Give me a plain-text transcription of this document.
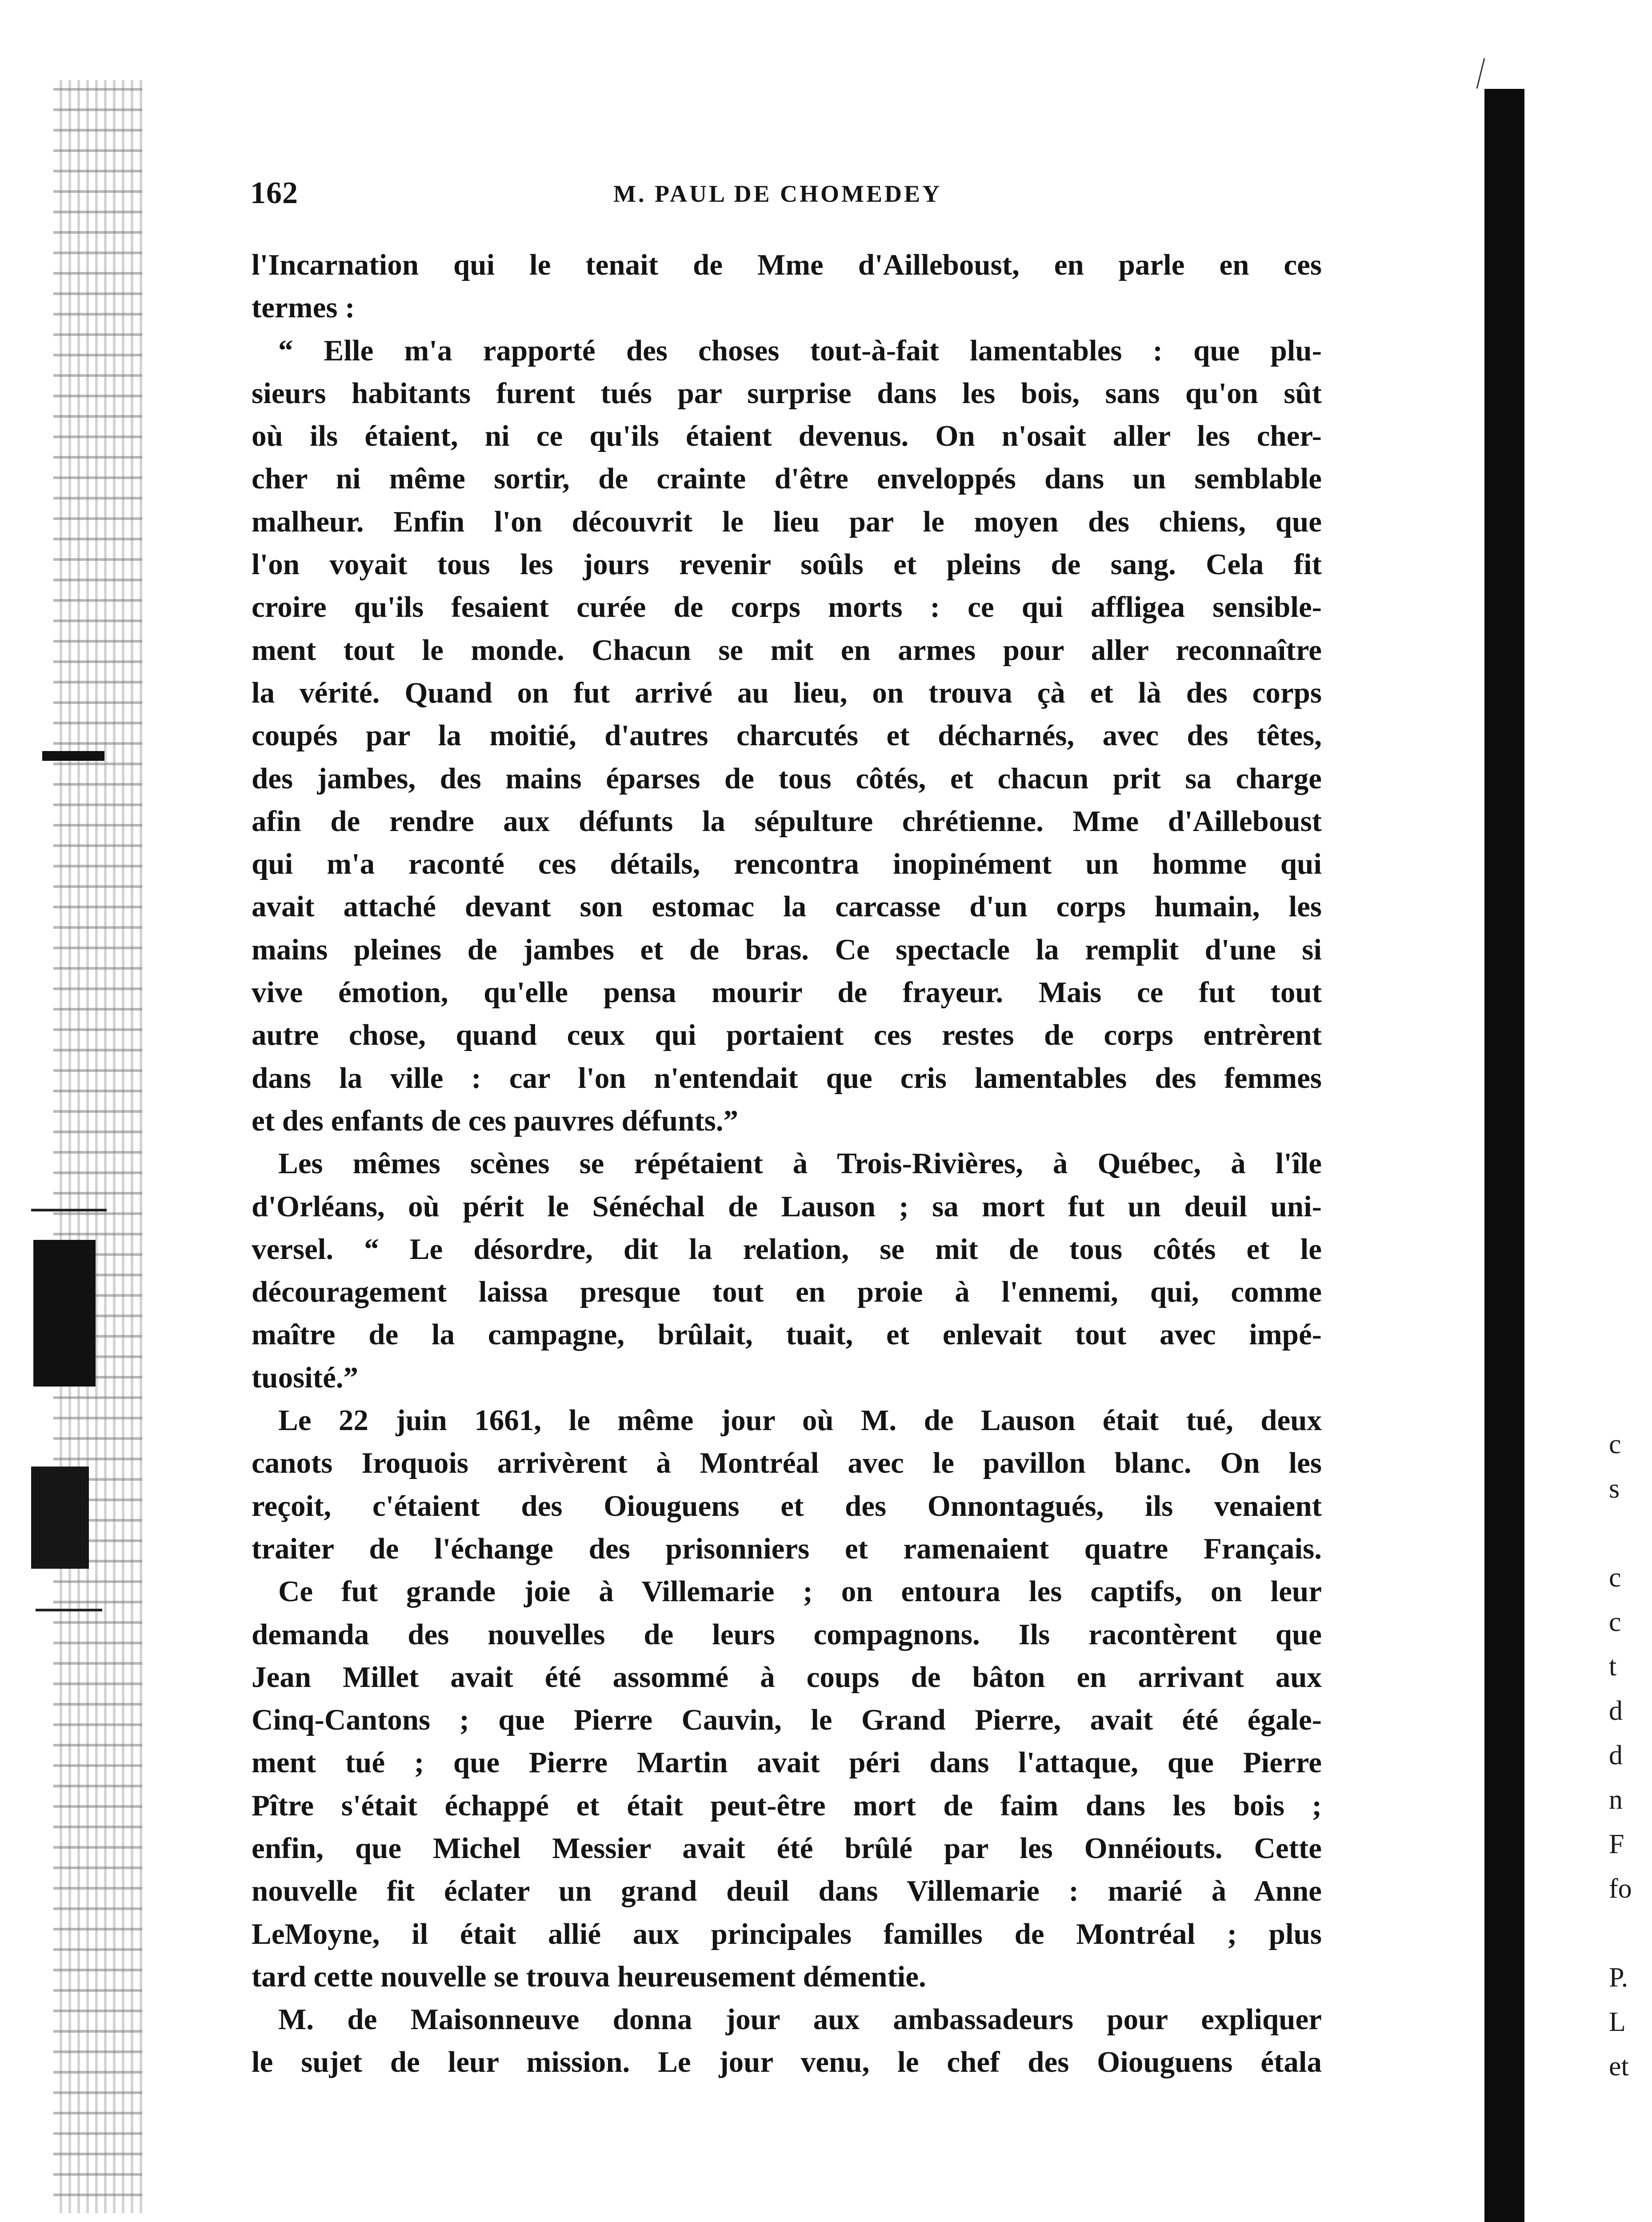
162	M. PAUL DE CHOMEDEY
l'Incarnation qui le tenait de Mme d'Ailleboust, en parle en ces
termes :
“ Elle m'a rapporté des choses tout-à-fait lamentables : que plu-
sieurs habitants furent tués par surprise dans les bois, sans qu'on sût
où ils étaient, ni ce qu'ils étaient devenus. On n'osait aller les cher-
cher ni même sortir, de crainte d'être enveloppés dans un semblable
malheur. Enfin l'on découvrit le lieu par le moyen des chiens, que
l'on voyait tous les jours revenir soûls et pleins de sang. Cela fit
croire qu'ils fesaient curée de corps morts : ce qui affligea sensible-
ment tout le monde. Chacun se mit en armes pour aller reconnaître
la vérité. Quand on fut arrivé au lieu, on trouva çà et là des corps
coupés par la moitié, d'autres charcutés et décharnés, avec des têtes,
des jambes, des mains éparses de tous côtés, et chacun prit sa charge
afin de rendre aux défunts la sépulture chrétienne. Mme d'Ailleboust
qui m'a raconté ces détails, rencontra inopinément un homme qui
avait attaché devant son estomac la carcasse d'un corps humain, les
mains pleines de jambes et de bras. Ce spectacle la remplit d'une si
vive émotion, qu'elle pensa mourir de frayeur. Mais ce fut tout
autre chose, quand ceux qui portaient ces restes de corps entrèrent
dans la ville : car l'on n'entendait que cris lamentables des femmes
et des enfants de ces pauvres défunts.”
Les mêmes scènes se répétaient à Trois-Rivières, à Québec, à l'île
d'Orléans, où périt le Sénéchal de Lauson ; sa mort fut un deuil uni-
versel. “ Le désordre, dit la relation, se mit de tous côtés et le
découragement laissa presque tout en proie à l'ennemi, qui, comme
maître de la campagne, brûlait, tuait, et enlevait tout avec impé-
tuosité.”
Le 22 juin 1661, le même jour où M. de Lauson était tué, deux
canots Iroquois arrivèrent à Montréal avec le pavillon blanc. On les
reçoit, c'étaient des Oiouguens et des Onnontagués, ils venaient
traiter de l'échange des prisonniers et ramenaient quatre Français.
Ce fut grande joie à Villemarie ; on entoura les captifs, on leur
demanda des nouvelles de leurs compagnons. Ils racontèrent que
Jean Millet avait été assommé à coups de bâton en arrivant aux
Cinq-Cantons ; que Pierre Cauvin, le Grand Pierre, avait été égale-
ment tué ; que Pierre Martin avait péri dans l'attaque, que Pierre
Pître s'était échappé et était peut-être mort de faim dans les bois ;
enfin, que Michel Messier avait été brûlé par les Onnéiouts. Cette
nouvelle fit éclater un grand deuil dans Villemarie : marié à Anne
LeMoyne, il était allié aux principales familles de Montréal ; plus
tard cette nouvelle se trouva heureusement démentie.
M. de Maisonneuve donna jour aux ambassadeurs pour expliquer
le sujet de leur mission. Le jour venu, le chef des Oiouguens étala
c
s
c
c
t
d
d
n
F
fo
P.
L
et
